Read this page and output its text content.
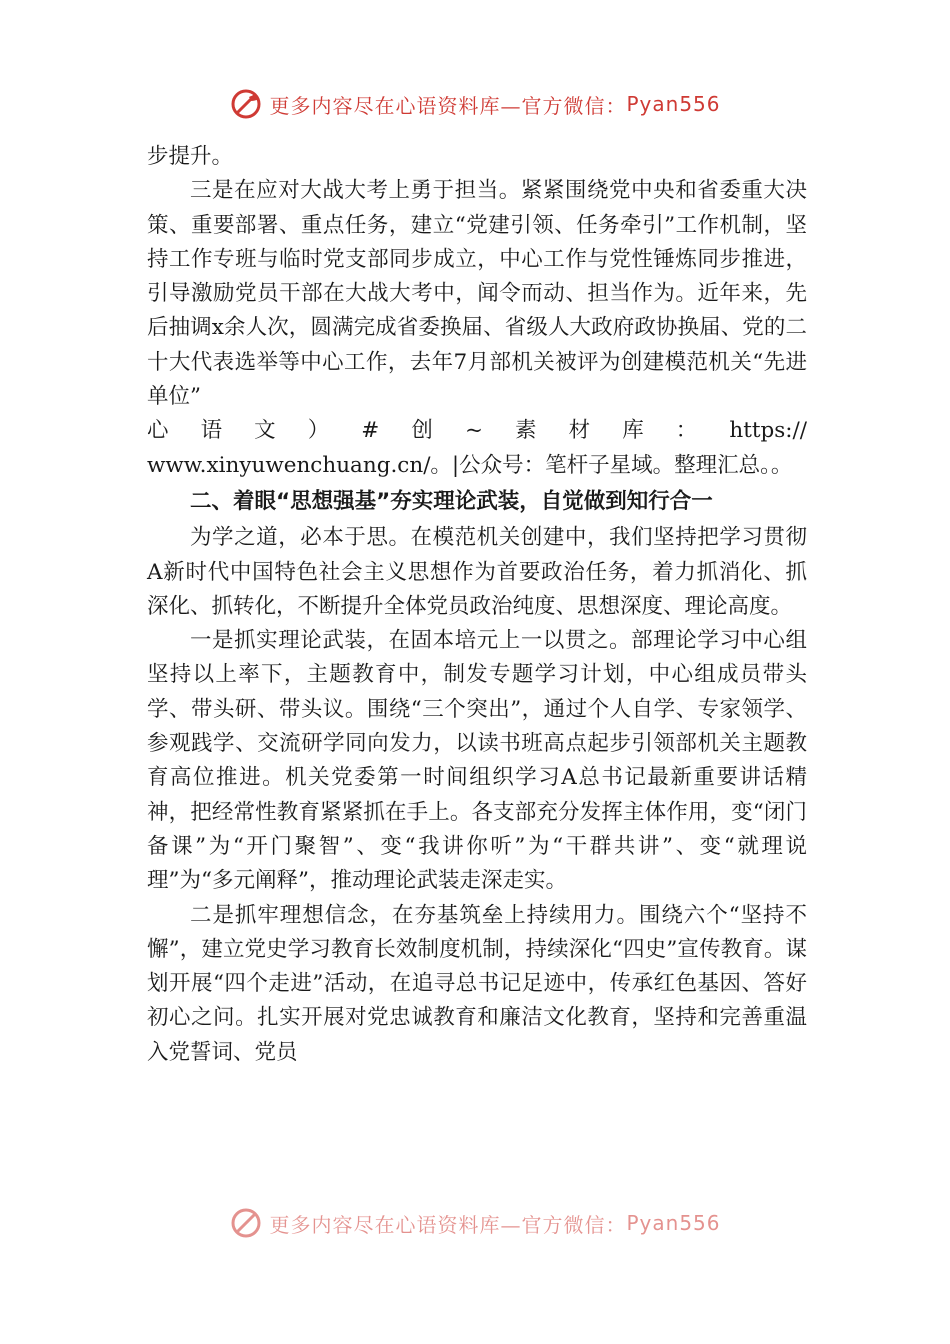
更多内容尽在心语资料库—官方微信： Pyan556

步提升。

三是在应对大战大考上勇于担当。紧紧围绕党中央和省委重大决策、重要部署、重点任务，建立“党建引领、任务牵引”工作机制，坚持工作专班与临时党支部同步成立，中心工作与党性锤炼同步推进，引导激励党员干部在大战大考中，闻令而动、担当作为。近年来，先后抽调x余人次，圆满完成省委换届、省级人大政府政协换届、党的二十大代表选举等中心工作，去年7月部机关被评为创建模范机关“先进单位”

心语文）#创~素材库：https://

www.xinyuwenchuang.cn/。|公众号：笔杆子星域。整理汇总。。

二、着眼“思想强基”夯实理论武装，自觉做到知行合一

为学之道，必本于思。在模范机关创建中，我们坚持把学习贯彻A新时代中国特色社会主义思想作为首要政治任务，着力抓消化、抓深化、抓转化，不断提升全体党员政治纯度、思想深度、理论高度。

一是抓实理论武装，在固本培元上一以贯之。部理论学习中心组坚持以上率下，主题教育中，制发专题学习计划，中心组成员带头学、带头研、带头议。围绕“三个突出”，通过个人自学、专家领学、参观践学、交流研学同向发力，以读书班高点起步引领部机关主题教育高位推进。机关党委第一时间组织学习A总书记最新重要讲话精神，把经常性教育紧紧抓在手上。各支部充分发挥主体作用，变“闭门备课”为“开门聚智”、变“我讲你听”为“干群共讲”、变“就理说理”为“多元阐释”，推动理论武装走深走实。

二是抓牢理想信念，在夯基筑垒上持续用力。围绕六个“坚持不懈”，建立党史学习教育长效制度机制，持续深化“四史”宣传教育。谋划开展“四个走进”活动，在追寻总书记足迹中，传承红色基因、答好初心之问。扎实开展对党忠诚教育和廉洁文化教育，坚持和完善重温入党誓词、党员

更多内容尽在心语资料库—官方微信： Pyan556
